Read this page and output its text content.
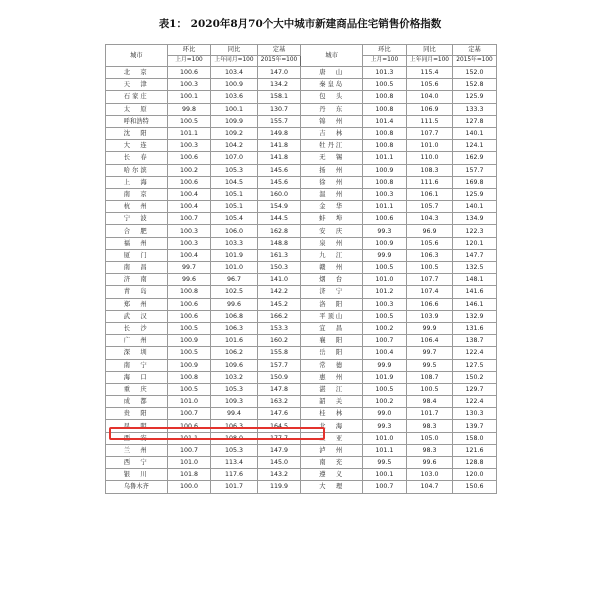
表1： 2020年8月70个大中城市新建商品住宅销售价格指数
城市	环比	同比	定基	城市	环比	同比	定基
	上月=100	上年同月=100	2015年=100		上月=100	上年同月=100	2015年=100
北　京	100.6	103.4	147.0	唐　山	101.3	115.4	152.0
天　津	100.3	100.9	134.2	秦皇岛	100.5	105.6	152.8
石家庄	100.1	103.6	158.1	包　头	100.8	104.0	125.9
太　原	99.8	100.1	130.7	丹　东	100.8	106.9	133.3
呼和浩特	100.5	109.9	155.7	锦　州	101.4	111.5	127.8
沈　阳	101.1	109.2	149.8	吉　林	100.8	107.7	140.1
大　连	100.3	104.2	141.8	牡丹江	100.8	101.0	124.1
长　春	100.6	107.0	141.8	无　锡	101.1	110.0	162.9
哈尔滨	100.2	105.3	145.6	扬　州	100.9	108.3	157.7
上　海	100.6	104.5	145.6	徐　州	100.8	111.6	169.8
南　京	100.4	105.1	160.0	温　州	100.3	106.1	125.9
杭　州	100.4	105.1	154.9	金　华	101.1	105.7	140.1
宁　波	100.7	105.4	144.5	蚌　埠	100.6	104.3	134.9
合　肥	100.3	106.0	162.8	安　庆	99.3	96.9	122.3
福　州	100.3	103.3	148.8	泉　州	100.9	105.6	120.1
厦　门	100.4	101.9	161.3	九　江	99.9	106.3	147.7
南　昌	99.7	101.0	150.3	赣　州	100.5	100.5	132.5
济　南	99.6	96.7	141.0	烟　台	101.0	107.7	148.1
青　岛	100.8	102.5	142.2	济　宁	101.2	107.4	141.6
郑　州	100.6	99.6	145.2	洛　阳	100.3	106.6	146.1
武　汉	100.6	106.8	166.2	平顶山	100.5	103.9	132.9
长　沙	100.5	106.3	153.3	宜　昌	100.2	99.9	131.6
广　州	100.9	101.6	160.2	襄　阳	100.7	106.4	138.7
深　圳	100.5	106.2	155.8	岳　阳	100.4	99.7	122.4
南　宁	100.9	109.6	157.7	常　德	99.9	99.5	127.5
海　口	100.8	103.2	150.9	惠　州	101.9	108.7	150.2
重　庆	100.5	105.3	147.8	湛　江	100.5	100.5	129.7
成　都	101.0	109.3	163.2	韶　关	100.2	98.4	122.4
贵　阳	100.7	99.4	147.6	桂　林	99.0	101.7	130.3
昆　明	100.6	106.3	164.5	北　海	99.3	98.3	139.7
西　安	101.1	108.0	177.7	三　亚	101.0	105.0	158.0
兰　州	100.7	105.3	147.9	泸　州	101.1	98.3	121.6
西　宁	101.0	113.4	145.0	南　充	99.5	99.6	128.8
银　川	101.8	117.6	143.2	遵　义	100.1	103.0	120.0
乌鲁木齐	100.0	101.7	119.9	大　理	100.7	104.7	150.6
